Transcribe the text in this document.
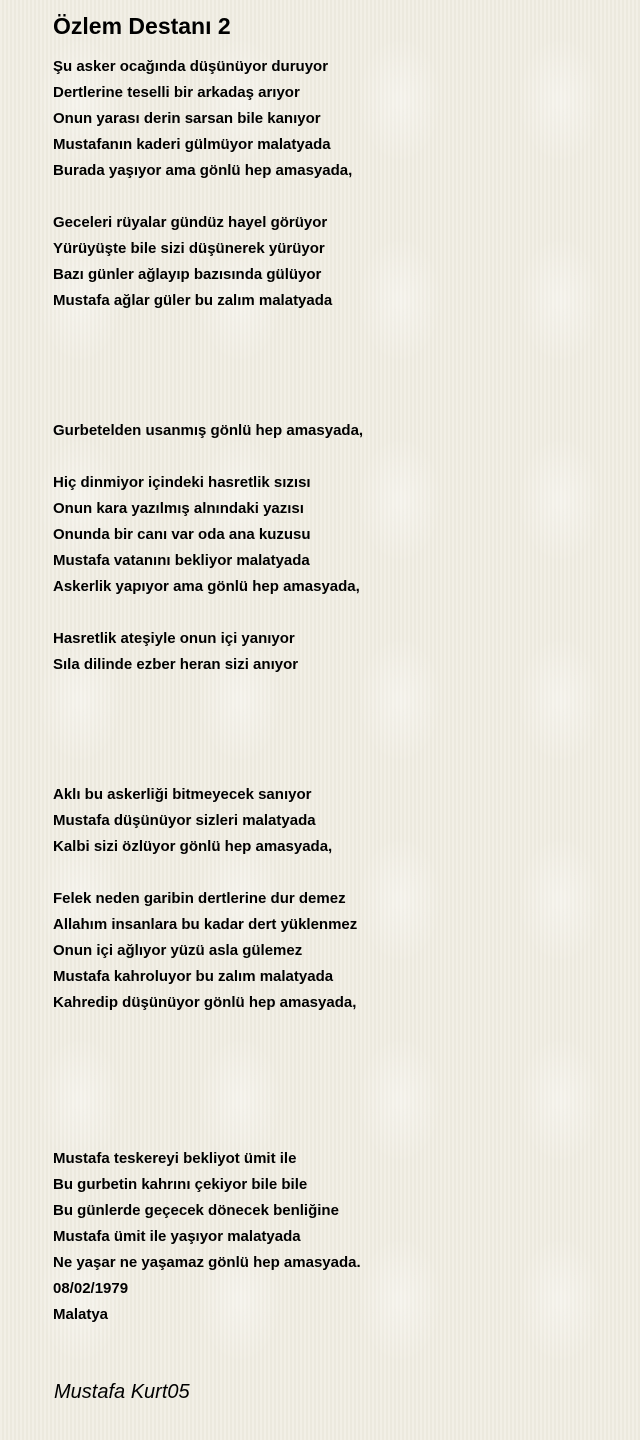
Özlem Destanı 2
Şu asker ocağında düşünüyor duruyor
Dertlerine teselli bir arkadaş arıyor
Onun yarası derin sarsan bile kanıyor
Mustafanın kaderi gülmüyor malatyada
Burada yaşıyor ama gönlü hep amasyada,
Geceleri rüyalar gündüz hayel görüyor
Yürüyüşte bile sizi düşünerek yürüyor
Bazı günler ağlayıp bazısında gülüyor
Mustafa ağlar güler bu zalım malatyada
Gurbetelden usanmış gönlü hep amasyada,
Hiç dinmiyor içindeki hasretlik sızısı
Onun kara yazılmış alnındaki yazısı
Onunda bir canı var oda ana kuzusu
Mustafa vatanını bekliyor malatyada
Askerlik yapıyor ama gönlü hep amasyada,
Hasretlik ateşiyle onun içi yanıyor
Sıla dilinde ezber heran sizi anıyor
Aklı bu askerliği bitmeyecek sanıyor
Mustafa düşünüyor sizleri malatyada
Kalbi sizi özlüyor gönlü hep amasyada,
Felek neden garibin dertlerine dur demez
Allahım insanlara bu kadar dert yüklenmez
Onun içi ağlıyor yüzü asla gülemez
Mustafa kahroluyor bu zalım malatyada
Kahredip düşünüyor gönlü hep amasyada,
Mustafa teskereyi bekliyot ümit ile
Bu gurbetin kahrını çekiyor bile bile
Bu günlerde geçecek dönecek benliğine
Mustafa ümit ile yaşıyor malatyada
Ne yaşar ne yaşamaz gönlü hep amasyada.
08/02/1979
Malatya
Mustafa Kurt05
